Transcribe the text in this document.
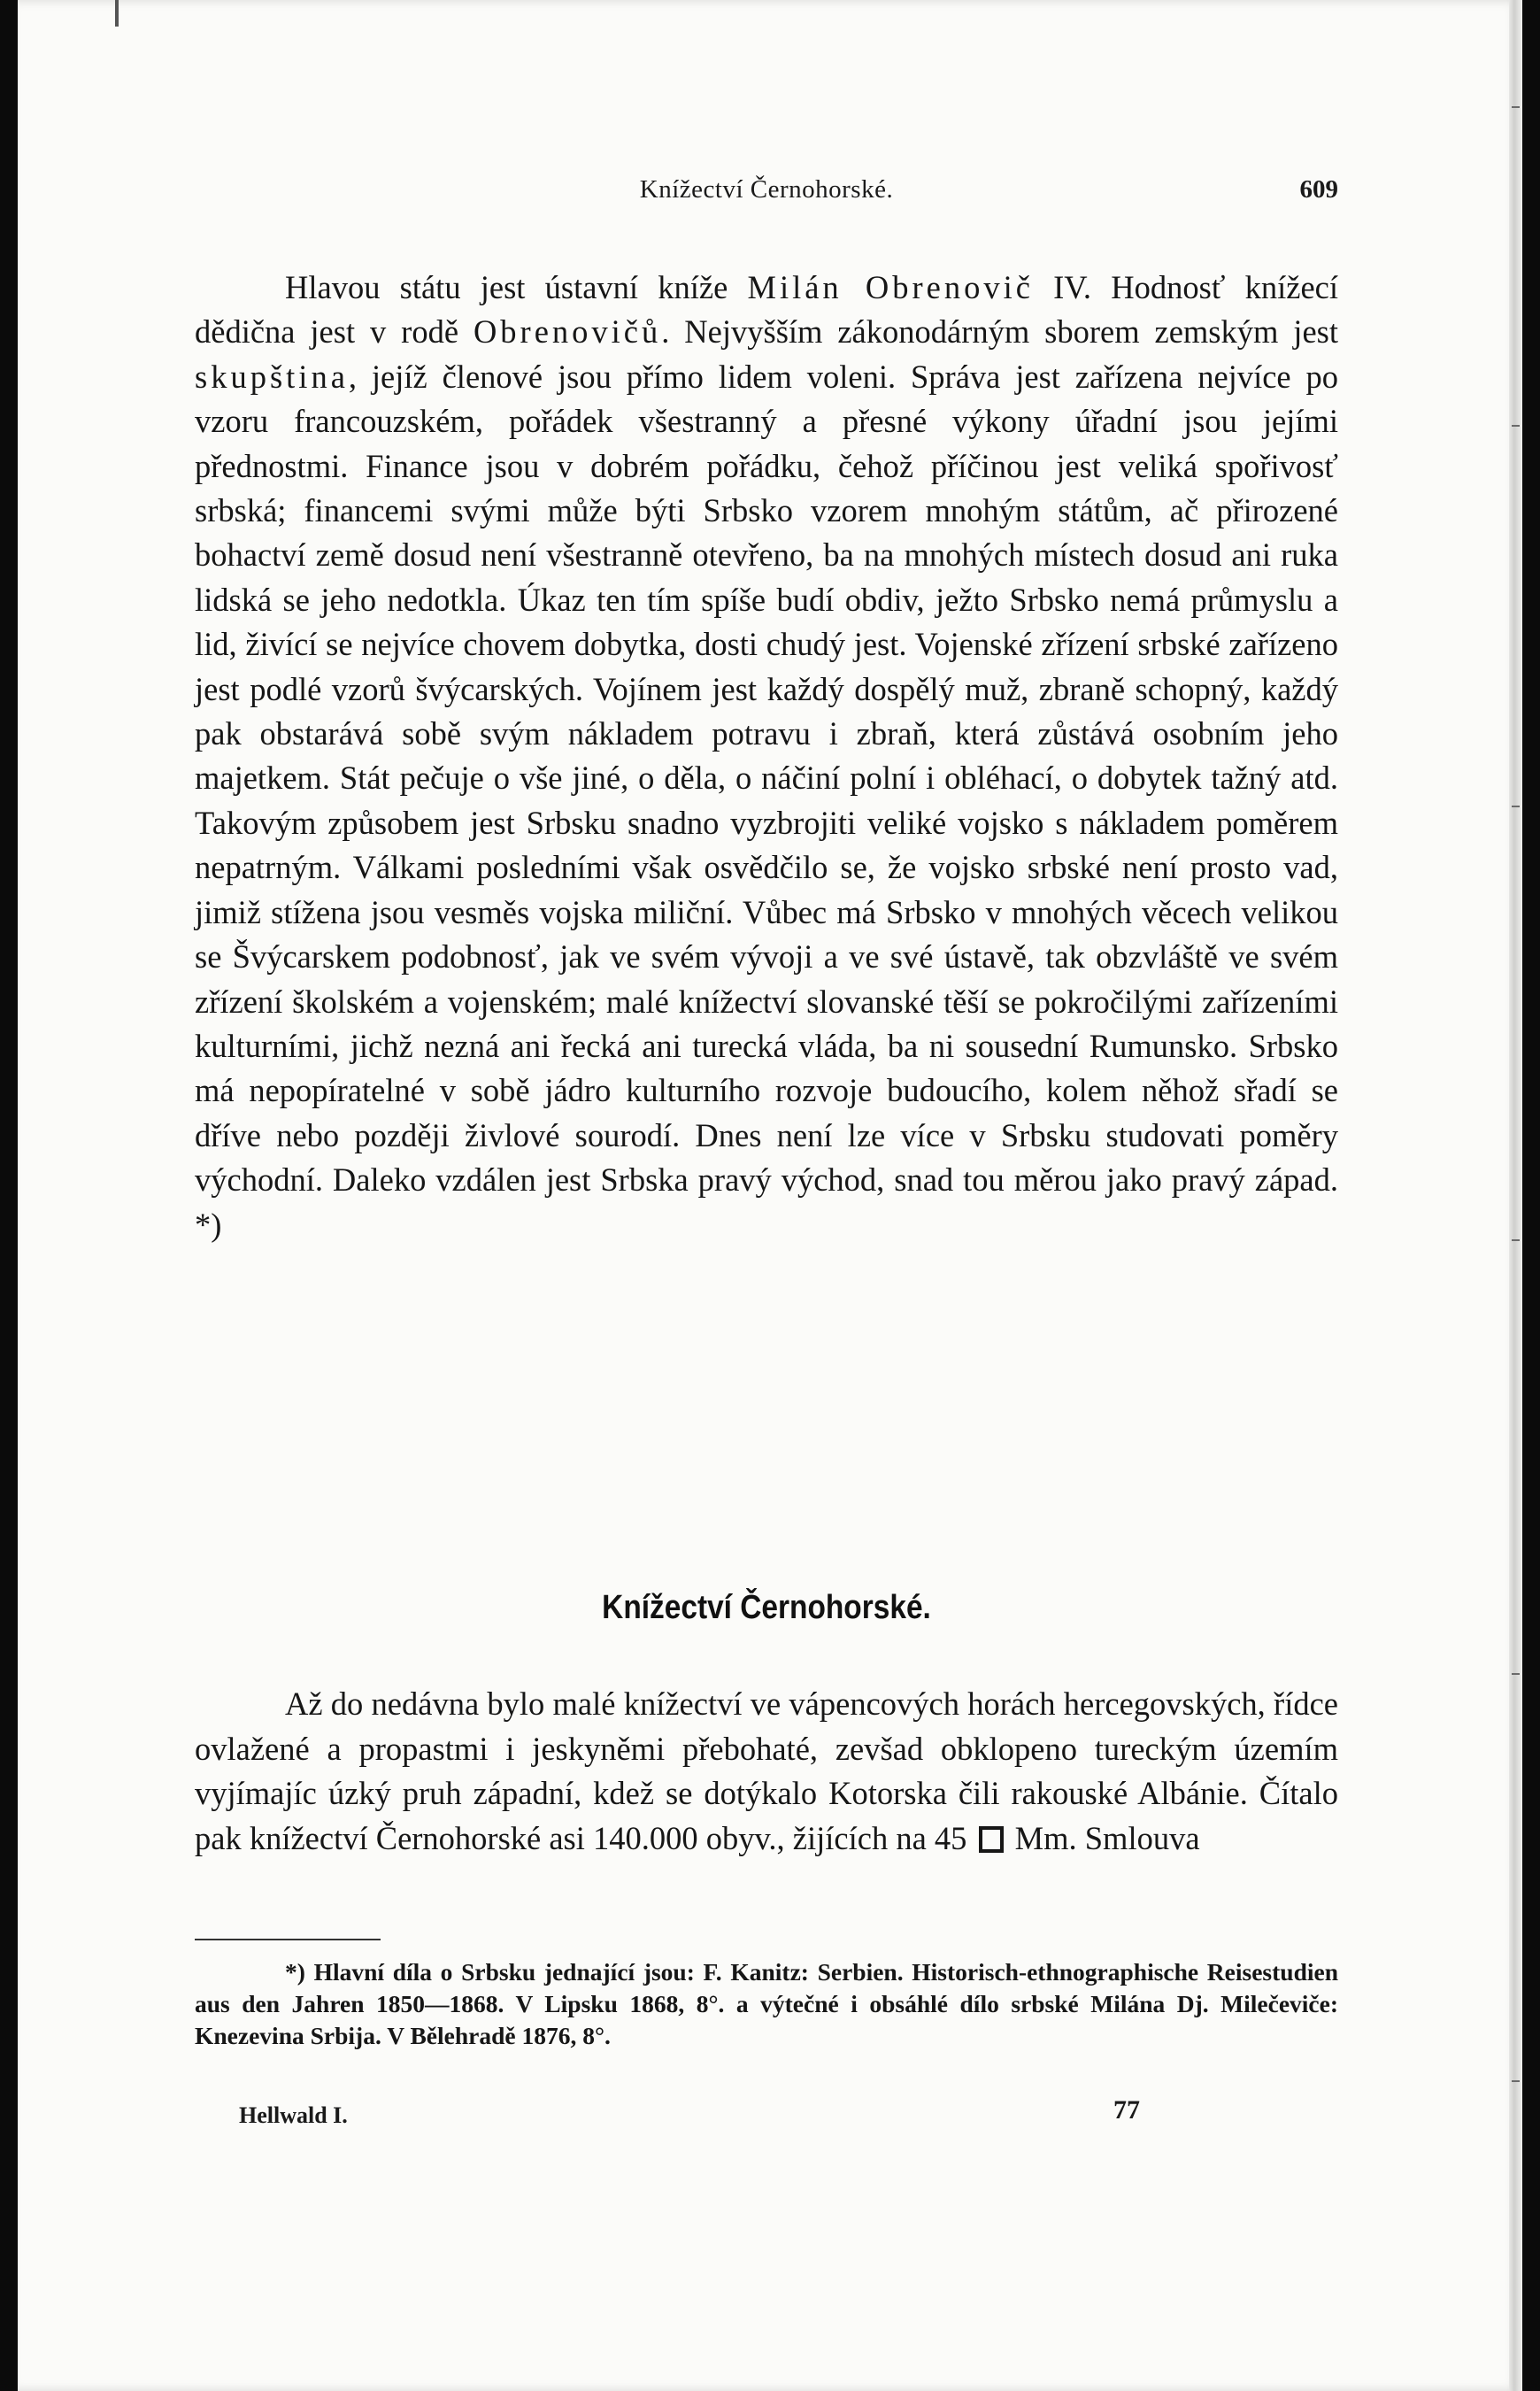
Knížectví Černohorské.	609

Hlavou státu jest ústavní kníže Milán Obrenovič IV. Hodnosť knížecí dědična jest v rodě Obrenovičů. Nejvyšším zákonodárným sborem zemským jest skupština, jejíž členové jsou přímo lidem voleni. Správa jest zařízena nejvíce po vzoru francouzském, pořádek všestranný a přesné výkony úřadní jsou jejími přednostmi. Finance jsou v dobrém pořádku, čehož příčinou jest veliká spořivosť srbská; financemi svými může býti Srbsko vzorem mnohým státům, ač přirozené bohactví země dosud není všestranně otevřeno, ba na mnohých místech dosud ani ruka lidská se jeho nedotkla. Úkaz ten tím spíše budí obdiv, ježto Srbsko nemá průmyslu a lid, živící se nejvíce chovem dobytka, dosti chudý jest. Vojenské zřízení srbské zařízeno jest podlé vzorů švýcarských. Vojínem jest každý dospělý muž, zbraně schopný, každý pak obstarává sobě svým nákladem potravu i zbraň, která zůstává osobním jeho majetkem. Stát pečuje o vše jiné, o děla, o náčiní polní i obléhací, o dobytek tažný atd. Takovým způsobem jest Srbsku snadno vyzbrojiti veliké vojsko s nákladem poměrem nepatrným. Válkami posledními však osvědčilo se, že vojsko srbské není prosto vad, jimiž stížena jsou vesměs vojska miliční. Vůbec má Srbsko v mnohých věcech velikou se Švýcarskem podobnosť, jak ve svém vývoji a ve své ústavě, tak obzvláště ve svém zřízení školském a vojenském; malé knížectví slovanské těší se pokročilými zařízeními kulturními, jichž nezná ani řecká ani turecká vláda, ba ni sousední Rumunsko. Srbsko má nepopíratelné v sobě jádro kulturního rozvoje budoucího, kolem něhož sřadí se dříve nebo později živlové sourodí. Dnes není lze více v Srbsku studovati poměry východní. Daleko vzdálen jest Srbska pravý východ, snad tou měrou jako pravý západ. *)

Knížectví Černohorské.

Až do nedávna bylo malé knížectví ve vápencových horách hercegovských, řídce ovlažené a propastmi i jeskyněmi přebohaté, zevšad obklopeno tureckým územím vyjímajíc úzký pruh západní, kdež se dotýkalo Kotorska čili rakouské Albánie. Čítalo pak knížectví Černohorské asi 140.000 obyv., žijících na 45 Mm. Smlouva

*) Hlavní díla o Srbsku jednající jsou: F. Kanitz: Serbien. Historisch-ethnographische Reisestudien aus den Jahren 1850—1868. V Lipsku 1868, 8°. a výtečné i obsáhlé dílo srbské Milána Dj. Milečeviče: Knezevina Srbija. V Bělehradě 1876, 8°.

Hellwald I.	77
